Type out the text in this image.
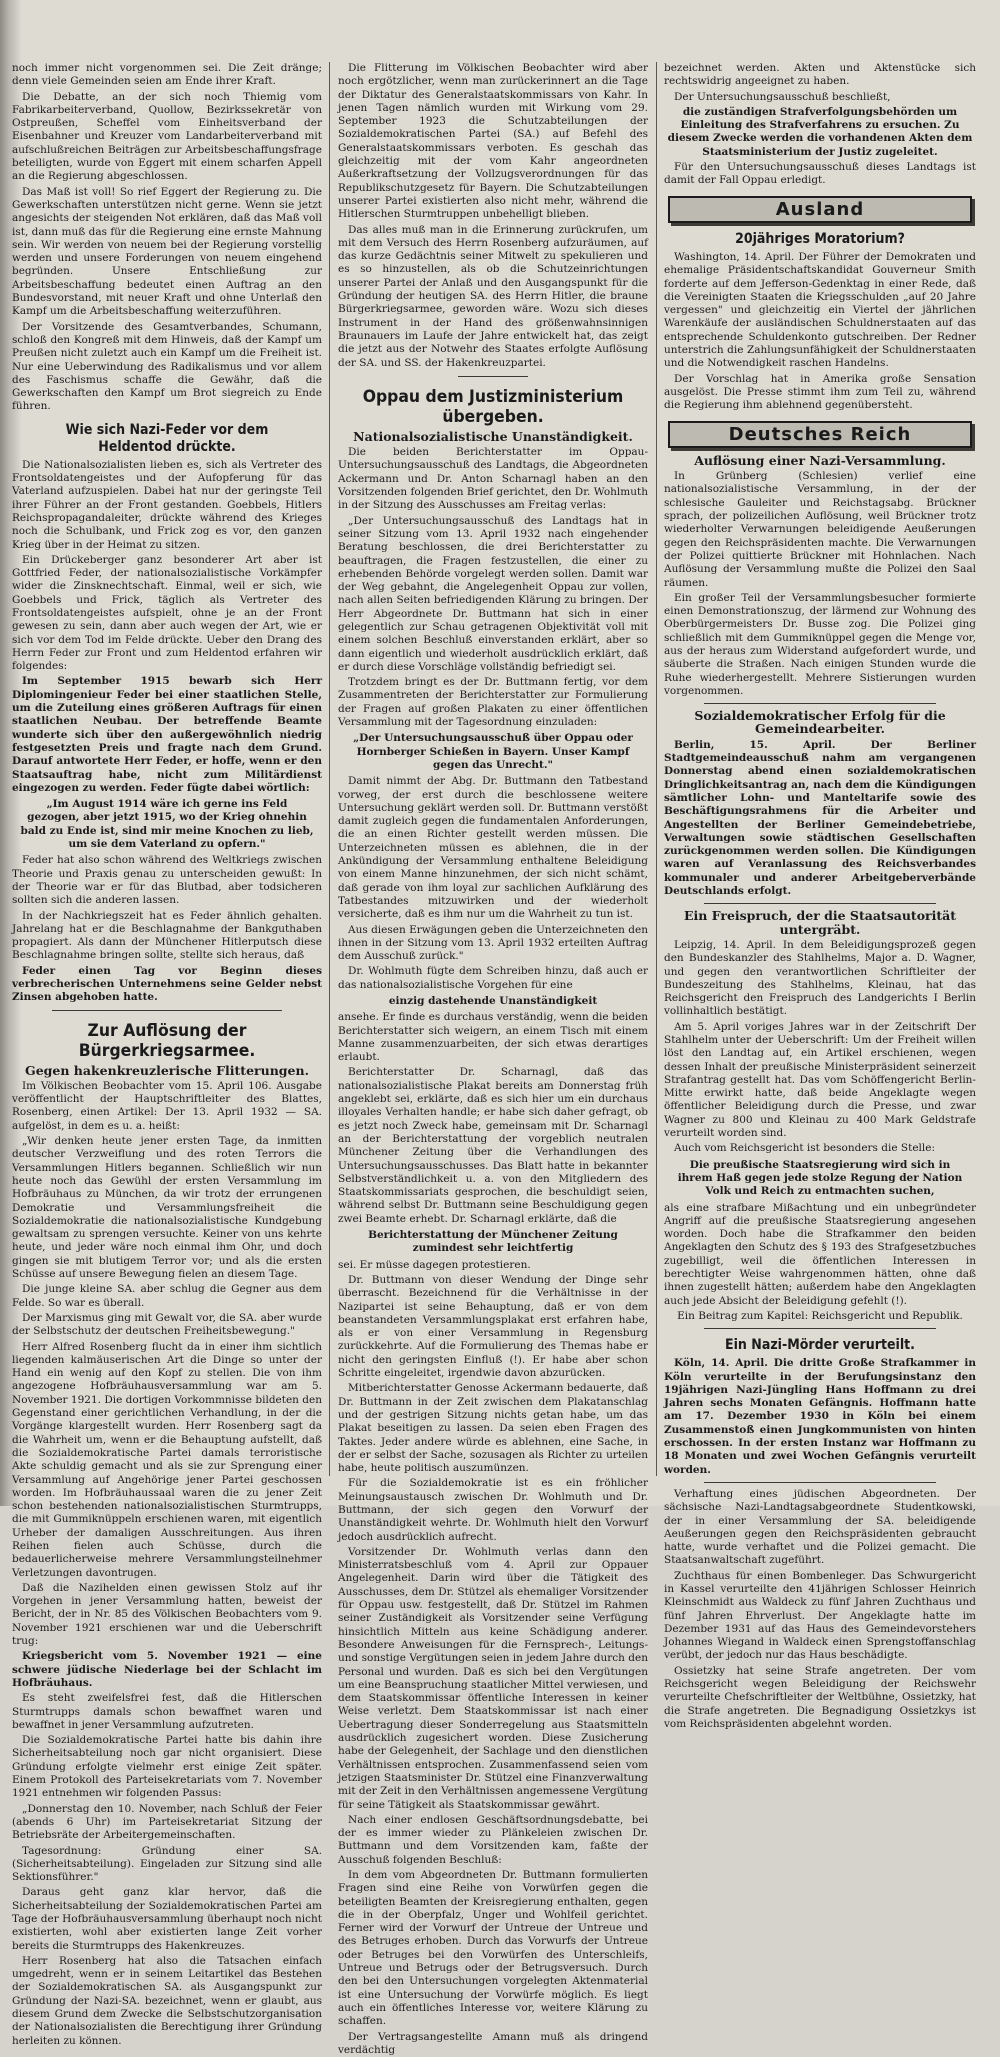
noch immer nicht vorgenommen sei. Die Zeit dränge; denn viele Gemeinden seien am Ende ihrer Kraft.

Die Debatte, an der sich noch Thiemig vom Fabrikarbeiterverband, Quollow, Bezirkssekretär von Ostpreußen, Scheffel vom Einheitsverband der Eisenbahner und Kreuzer vom Landarbeiterverband mit aufschlußreichen Beiträgen zur Arbeitsbeschaffungsfrage beteiligten, wurde von Eggert mit einem scharfen Appell an die Regierung abgeschlossen.

Das Maß ist voll! So rief Eggert der Regierung zu. Die Gewerkschaften unterstützen nicht gerne. Wenn sie jetzt angesichts der steigenden Not erklären, daß das Maß voll ist, dann muß das für die Regierung eine ernste Mahnung sein. Wir werden von neuem bei der Regierung vorstellig werden und unsere Forderungen von neuem eingehend begründen. Unsere Entschließung zur Arbeitsbeschaffung bedeutet einen Auftrag an den Bundesvorstand, mit neuer Kraft und ohne Unterlaß den Kampf um die Arbeitsbeschaffung weiterzuführen.

Der Vorsitzende des Gesamtverbandes, Schumann, schloß den Kongreß mit dem Hinweis, daß der Kampf um Preußen nicht zuletzt auch ein Kampf um die Freiheit ist. Nur eine Ueberwindung des Radikalismus und vor allem des Faschismus schaffe die Gewähr, daß die Gewerkschaften den Kampf um Brot siegreich zu Ende führen.

Wie sich Nazi-Feder vor dem Heldentod drückte.

Die Nationalsozialisten lieben es, sich als Vertreter des Frontsoldatengeistes und der Aufopferung für das Vaterland aufzuspielen. Dabei hat nur der geringste Teil ihrer Führer an der Front gestanden. Goebbels, Hitlers Reichspropagandaleiter, drückte während des Krieges noch die Schulbank, und Frick zog es vor, den ganzen Krieg über in der Heimat zu sitzen.

Ein Drückeberger ganz besonderer Art aber ist Gottfried Feder, der nationalsozialistische Vorkämpfer wider die Zinsknechtschaft. Einmal, weil er sich, wie Goebbels und Frick, täglich als Vertreter des Frontsoldatengeistes aufspielt, ohne je an der Front gewesen zu sein, dann aber auch wegen der Art, wie er sich vor dem Tod im Felde drückte. Ueber den Drang des Herrn Feder zur Front und zum Heldentod erfahren wir folgendes:

Im September 1915 bewarb sich Herr Diplomingenieur Feder bei einer staatlichen Stelle, um die Zuteilung eines größeren Auftrags für einen staatlichen Neubau. Der betreffende Beamte wunderte sich über den außergewöhnlich niedrig festgesetzten Preis und fragte nach dem Grund. Darauf antwortete Herr Feder, er hoffe, wenn er den Staatsauftrag habe, nicht zum Militärdienst eingezogen zu werden. Feder fügte dabei wörtlich:

„Im August 1914 wäre ich gerne ins Feld gezogen, aber jetzt 1915, wo der Krieg ohnehin bald zu Ende ist, sind mir meine Knochen zu lieb, um sie dem Vaterland zu opfern."

Feder hat also schon während des Weltkriegs zwischen Theorie und Praxis genau zu unterscheiden gewußt: In der Theorie war er für das Blutbad, aber todsicheren sollten sich die anderen lassen.

In der Nachkriegszeit hat es Feder ähnlich gehalten. Jahrelang hat er die Beschlagnahme der Bankguthaben propagiert. Als dann der Münchener Hitlerputsch diese Beschlagnahme bringen sollte, stellte sich heraus, daß

Feder einen Tag vor Beginn dieses verbrecherischen Unternehmens seine Gelder nebst Zinsen abgehoben hatte.

Zur Auflösung der Bürgerkriegsarmee.
Gegen hakenkreuzlerische Flitterungen.

Im Völkischen Beobachter vom 15. April 106. Ausgabe veröffentlicht der Hauptschriftleiter des Blattes, Rosenberg, einen Artikel: Der 13. April 1932 — SA. aufgelöst, in dem es u. a. heißt:

„Wir denken heute jener ersten Tage, da inmitten deutscher Verzweiflung und des roten Terrors die Versammlungen Hitlers begannen. Schließlich wir nun heute noch das Gewühl der ersten Versammlung im Hofbräuhaus zu München, da wir trotz der errungenen Demokratie und Versammlungsfreiheit die Sozialdemokratie die nationalsozialistische Kundgebung gewaltsam zu sprengen versuchte. Keiner von uns kehrte heute, und jeder wäre noch einmal ihm Ohr, und doch gingen sie mit blutigem Terror vor; und als die ersten Schüsse auf unsere Bewegung fielen an diesem Tage.

Die junge kleine SA. aber schlug die Gegner aus dem Felde. So war es überall.

Der Marxismus ging mit Gewalt vor, die SA. aber wurde der Selbstschutz der deutschen Freiheitsbewegung."

Herr Alfred Rosenberg flucht da in einer ihm sichtlich liegenden kalmäuserischen Art die Dinge so unter der Hand ein wenig auf den Kopf zu stellen. Die von ihm angezogene Hofbräuhausversammlung war am 5. November 1921. Die dortigen Vorkommnisse bildeten den Gegenstand einer gerichtlichen Verhandlung, in der die Vorgänge klargestellt wurden. Herr Rosenberg sagt da die Wahrheit um, wenn er die Behauptung aufstellt, daß die Sozialdemokratische Partei damals terroristische Akte schuldig gemacht und als sie zur Sprengung einer Versammlung auf Angehörige jener Partei geschossen worden. Im Hofbräuhaussaal waren die zu jener Zeit schon bestehenden nationalsozialistischen Sturmtrupps, die mit Gummiknüppeln erschienen waren, mit eigentlich Urheber der damaligen Ausschreitungen. Aus ihren Reihen fielen auch Schüsse, durch die bedauerlicherweise mehrere Versammlungsteilnehmer Verletzungen davontrugen.

Daß die Nazihelden einen gewissen Stolz auf ihr Vorgehen in jener Versammlung hatten, beweist der Bericht, der in Nr. 85 des Völkischen Beobachters vom 9. November 1921 erschienen war und die Ueberschrift trug:

Kriegsbericht vom 5. November 1921 — eine schwere jüdische Niederlage bei der Schlacht im Hofbräuhaus.

Es steht zweifelsfrei fest, daß die Hitlerschen Sturmtrupps damals schon bewaffnet waren und bewaffnet in jener Versammlung aufzutreten.

Die Sozialdemokratische Partei hatte bis dahin ihre Sicherheitsabteilung noch gar nicht organisiert. Diese Gründung erfolgte vielmehr erst einige Zeit später. Einem Protokoll des Parteisekretariats vom 7. November 1921 entnehmen wir folgenden Passus:

„Donnerstag den 10. November, nach Schluß der Feier (abends 6 Uhr) im Parteisekretariat Sitzung der Betriebsräte der Arbeitergemeinschaften.

Tagesordnung: Gründung einer SA. (Sicherheitsabteilung). Eingeladen zur Sitzung sind alle Sektionsführer."

Daraus geht ganz klar hervor, daß die Sicherheitsabteilung der Sozialdemokratischen Partei am Tage der Hofbräuhausversammlung überhaupt noch nicht existierten, wohl aber existierten lange Zeit vorher bereits die Sturmtrupps des Hakenkreuzes.

Herr Rosenberg hat also die Tatsachen einfach umgedreht, wenn er in seinem Leitartikel das Bestehen der Sozialdemokratischen SA. als Ausgangspunkt zur Gründung der Nazi-SA. bezeichnet, wenn er glaubt, aus diesem Grund dem Zwecke die Selbstschutzorganisation der Nationalsozialisten die Berechtigung ihrer Gründung herleiten zu können.

Die Flitterung im Völkischen Beobachter wird aber noch ergötzlicher, wenn man zurückerinnert an die Tage der Diktatur des Generalstaatskommissars von Kahr. In jenen Tagen nämlich wurden mit Wirkung vom 29. September 1923 die Schutzabteilungen der Sozialdemokratischen Partei (SA.) auf Befehl des Generalstaatskommissars verboten. Es geschah das gleichzeitig mit der vom Kahr angeordneten Außerkraftsetzung der Vollzugsverordnungen für das Republikschutzgesetz für Bayern. Die Schutzabteilungen unserer Partei existierten also nicht mehr, während die Hitlerschen Sturmtruppen unbehelligt blieben.

Das alles muß man in die Erinnerung zurückrufen, um mit dem Versuch des Herrn Rosenberg aufzuräumen, auf das kurze Gedächtnis seiner Mitwelt zu spekulieren und es so hinzustellen, als ob die Schutzeinrichtungen unserer Partei der Anlaß und den Ausgangspunkt für die Gründung der heutigen SA. des Herrn Hitler, die braune Bürgerkriegsarmee, geworden wäre. Wozu sich dieses Instrument in der Hand des größenwahnsinnigen Braunauers im Laufe der Jahre entwickelt hat, das zeigt die jetzt aus der Notwehr des Staates erfolgte Auflösung der SA. und SS. der Hakenkreuzpartei.

Oppau dem Justizministerium übergeben.
Nationalsozialistische Unanständigkeit.

Die beiden Berichterstatter im Oppau-Untersuchungsausschuß des Landtags, die Abgeordneten Ackermann und Dr. Anton Scharnagl haben an den Vorsitzenden folgenden Brief gerichtet, den Dr. Wohlmuth in der Sitzung des Ausschusses am Freitag verlas:

„Der Untersuchungsausschuß des Landtags hat in seiner Sitzung vom 13. April 1932 nach eingehender Beratung beschlossen, die drei Berichterstatter zu beauftragen, die Fragen festzustellen, die einer zu erhebenden Behörde vorgelegt werden sollen. Damit war der Weg gebahnt, die Angelegenheit Oppau zur vollen, nach allen Seiten befriedigenden Klärung zu bringen. Der Herr Abgeordnete Dr. Buttmann hat sich in einer gelegentlich zur Schau getragenen Objektivität voll mit einem solchen Beschluß einverstanden erklärt, aber so dann eigentlich und wiederholt ausdrücklich erklärt, daß er durch diese Vorschläge vollständig befriedigt sei.

Trotzdem bringt es der Dr. Buttmann fertig, vor dem Zusammentreten der Berichterstatter zur Formulierung der Fragen auf großen Plakaten zu einer öffentlichen Versammlung mit der Tagesordnung einzuladen:

„Der Untersuchungsausschuß über Oppau oder Hornberger Schießen in Bayern. Unser Kampf gegen das Unrecht."

Damit nimmt der Abg. Dr. Buttmann den Tatbestand vorweg, der erst durch die beschlossene weitere Untersuchung geklärt werden soll. Dr. Buttmann verstößt damit zugleich gegen die fundamentalen Anforderungen, die an einen Richter gestellt werden müssen. Die Unterzeichneten müssen es ablehnen, die in der Ankündigung der Versammlung enthaltene Beleidigung von einem Manne hinzunehmen, der sich nicht schämt, daß gerade von ihm loyal zur sachlichen Aufklärung des Tatbestandes mitzuwirken und der wiederholt versicherte, daß es ihm nur um die Wahrheit zu tun ist.

Aus diesen Erwägungen geben die Unterzeichneten den ihnen in der Sitzung vom 13. April 1932 erteilten Auftrag dem Ausschuß zurück."

Dr. Wohlmuth fügte dem Schreiben hinzu, daß auch er das nationalsozialistische Vorgehen für eine

einzig dastehende Unanständigkeit

ansehe. Er finde es durchaus verständig, wenn die beiden Berichterstatter sich weigern, an einem Tisch mit einem Manne zusammenzuarbeiten, der sich etwas derartiges erlaubt.

Berichterstatter Dr. Scharnagl, daß das nationalsozialistische Plakat bereits am Donnerstag früh angeklebt sei, erklärte, daß es sich hier um ein durchaus illoyales Verhalten handle; er habe sich daher gefragt, ob es jetzt noch Zweck habe, gemeinsam mit Dr. Scharnagl an der Berichterstattung der vorgeblich neutralen Münchener Zeitung über die Verhandlungen des Untersuchungsausschusses. Das Blatt hatte in bekannter Selbstverständlichkeit u. a. von den Mitgliedern des Staatskommissariats gesprochen, die beschuldigt seien, während selbst Dr. Buttmann seine Beschuldigung gegen zwei Beamte erhebt. Dr. Scharnagl erklärte, daß die

Berichterstattung der Münchener Zeitung zumindest sehr leichtfertig

sei. Er müsse dagegen protestieren.

Dr. Buttmann von dieser Wendung der Dinge sehr überrascht. Bezeichnend für die Verhältnisse in der Nazipartei ist seine Behauptung, daß er von dem beanstandeten Versammlungsplakat erst erfahren habe, als er von einer Versammlung in Regensburg zurückkehrte. Auf die Formulierung des Themas habe er nicht den geringsten Einfluß (!). Er habe aber schon Schritte eingeleitet, irgendwie davon abzurücken.

Mitberichterstatter Genosse Ackermann bedauerte, daß Dr. Buttmann in der Zeit zwischen dem Plakatanschlag und der gestrigen Sitzung nichts getan habe, um das Plakat beseitigen zu lassen. Da seien eben Fragen des Taktes. Jeder andere würde es ablehnen, eine Sache, in der er selbst der Sache, sozusagen als Richter zu urteilen habe, heute politisch auszumünzen.

Für die Sozialdemokratie ist es ein fröhlicher Meinungsaustausch zwischen Dr. Wohlmuth und Dr. Buttmann, der sich gegen den Vorwurf der Unanständigkeit wehrte. Dr. Wohlmuth hielt den Vorwurf jedoch ausdrücklich aufrecht.

Vorsitzender Dr. Wohlmuth verlas dann den Ministerratsbeschluß vom 4. April zur Oppauer Angelegenheit. Darin wird über die Tätigkeit des Ausschusses, dem Dr. Stützel als ehemaliger Vorsitzender für Oppau usw. festgestellt, daß Dr. Stützel im Rahmen seiner Zuständigkeit als Vorsitzender seine Verfügung hinsichtlich Mitteln aus keine Schädigung anderer. Besondere Anweisungen für die Fernsprech-, Leitungs- und sonstige Vergütungen seien in jedem Jahre durch den Personal und wurden. Daß es sich bei den Vergütungen um eine Beanspruchung staatlicher Mittel verwiesen, und dem Staatskommissar öffentliche Interessen in keiner Weise verletzt. Dem Staatskommissar ist nach einer Uebertragung dieser Sonderregelung aus Staatsmitteln ausdrücklich zugesichert worden. Diese Zusicherung habe der Gelegenheit, der Sachlage und den dienstlichen Verhältnissen entsprochen. Zusammenfassend seien vom jetzigen Staatsminister Dr. Stützel eine Finanzverwaltung mit der Zeit in den Verhältnissen angemessene Vergütung für seine Tätigkeit als Staatskommissar gewährt.

Nach einer endlosen Geschäftsordnungsdebatte, bei der es immer wieder zu Plänkeleien zwischen Dr. Buttmann und dem Vorsitzenden kam, faßte der Ausschuß folgenden Beschluß:

In dem vom Abgeordneten Dr. Buttmann formulierten Fragen sind eine Reihe von Vorwürfen gegen die beteiligten Beamten der Kreisregierung enthalten, gegen die in der Oberpfalz, Unger und Wohlfeil gerichtet. Ferner wird der Vorwurf der Untreue der Untreue und des Betruges erhoben. Durch das Vorwurfs der Untreue oder Betruges bei den Vorwürfen des Unterschleifs, Untreue und Betrugs oder der Betrugsversuch. Durch den bei den Untersuchungen vorgelegten Aktenmaterial ist eine Untersuchung der Vorwürfe möglich. Es liegt auch ein öffentliches Interesse vor, weitere Klärung zu schaffen.

Der Vertragsangestellte Amann muß als dringend verdächtig

bezeichnet werden. Akten und Aktenstücke sich rechtswidrig angeeignet zu haben.

Der Untersuchungsausschuß beschließt,

die zuständigen Strafverfolgungsbehörden um Einleitung des Strafverfahrens zu ersuchen. Zu diesem Zwecke werden die vorhandenen Akten dem Staatsministerium der Justiz zugeleitet.

Für den Untersuchungsausschuß dieses Landtags ist damit der Fall Oppau erledigt.

Ausland
20jähriges Moratorium?

Washington, 14. April. Der Führer der Demokraten und ehemalige Präsidentschaftskandidat Gouverneur Smith forderte auf dem Jefferson-Gedenktag in einer Rede, daß die Vereinigten Staaten die Kriegsschulden „auf 20 Jahre vergessen" und gleichzeitig ein Viertel der jährlichen Warenkäufe der ausländischen Schuldnerstaaten auf das entsprechende Schuldenkonto gutschreiben. Der Redner unterstrich die Zahlungsunfähigkeit der Schuldnerstaaten und die Notwendigkeit raschen Handelns.

Der Vorschlag hat in Amerika große Sensation ausgelöst. Die Presse stimmt ihm zum Teil zu, während die Regierung ihm ablehnend gegenübersteht.

Deutsches Reich
Auflösung einer Nazi-Versammlung.

In Grünberg (Schlesien) verlief eine nationalsozialistische Versammlung, in der der schlesische Gauleiter und Reichstagsabg. Brückner sprach, der polizeilichen Auflösung, weil Brückner trotz wiederholter Verwarnungen beleidigende Aeußerungen gegen den Reichspräsidenten machte. Die Verwarnungen der Polizei quittierte Brückner mit Hohnlachen. Nach Auflösung der Versammlung mußte die Polizei den Saal räumen.

Ein großer Teil der Versammlungsbesucher formierte einen Demonstrationszug, der lärmend zur Wohnung des Oberbürgermeisters Dr. Busse zog. Die Polizei ging schließlich mit dem Gummiknüppel gegen die Menge vor, aus der heraus zum Widerstand aufgefordert wurde, und säuberte die Straßen. Nach einigen Stunden wurde die Ruhe wiederhergestellt. Mehrere Sistierungen wurden vorgenommen.

Sozialdemokratischer Erfolg für die Gemeindearbeiter.

Berlin, 15. April. Der Berliner Stadtgemeindeausschuß nahm am vergangenen Donnerstag abend einen sozialdemokratischen Dringlichkeitsantrag an, nach dem die Kündigungen sämtlicher Lohn- und Manteltarife sowie des Beschäftigungsrahmens für die Arbeiter und Angestellten der Berliner Gemeindebetriebe, Verwaltungen sowie städtischen Gesellschaften zurückgenommen werden sollen. Die Kündigungen waren auf Veranlassung des Reichsverbandes kommunaler und anderer Arbeitgeberverbände Deutschlands erfolgt.

Ein Freispruch, der die Staatsautorität untergräbt.

Leipzig, 14. April. In dem Beleidigungsprozeß gegen den Bundeskanzler des Stahlhelms, Major a. D. Wagner, und gegen den verantwortlichen Schriftleiter der Bundeszeitung des Stahlhelms, Kleinau, hat das Reichsgericht den Freispruch des Landgerichts I Berlin vollinhaltlich bestätigt.

Am 5. April voriges Jahres war in der Zeitschrift Der Stahlhelm unter der Ueberschrift: Um der Freiheit willen löst den Landtag auf, ein Artikel erschienen, wegen dessen Inhalt der preußische Ministerpräsident seinerzeit Strafantrag gestellt hat. Das vom Schöffengericht Berlin-Mitte erwirkt hatte, daß beide Angeklagte wegen öffentlicher Beleidigung durch die Presse, und zwar Wagner zu 800 und Kleinau zu 400 Mark Geldstrafe verurteilt worden sind.

Auch vom Reichsgericht ist besonders die Stelle:

Die preußische Staatsregierung wird sich in ihrem Haß gegen jede stolze Regung der Nation Volk und Reich zu entmachten suchen,

als eine strafbare Mißachtung und ein unbegründeter Angriff auf die preußische Staatsregierung angesehen worden. Doch habe die Strafkammer den beiden Angeklagten den Schutz des § 193 des Strafgesetzbuches zugebilligt, weil die öffentlichen Interessen in berechtigter Weise wahrgenommen hätten, ohne daß ihnen zugestellt hätten; außerdem habe den Angeklagten auch jede Absicht der Beleidigung gefehlt (!).

Ein Beitrag zum Kapitel: Reichsgericht und Republik.

Ein Nazi-Mörder verurteilt.

Köln, 14. April. Die dritte Große Strafkammer in Köln verurteilte in der Berufungsinstanz den 19jährigen Nazi-Jüngling Hans Hoffmann zu drei Jahren sechs Monaten Gefängnis. Hoffmann hatte am 17. Dezember 1930 in Köln bei einem Zusammenstoß einen Jungkommunisten von hinten erschossen. In der ersten Instanz war Hoffmann zu 18 Monaten und zwei Wochen Gefängnis verurteilt worden.

Verhaftung eines jüdischen Abgeordneten. Der sächsische Nazi-Landtagsabgeordnete Studentkowski, der in einer Versammlung der SA. beleidigende Aeußerungen gegen den Reichspräsidenten gebraucht hatte, wurde verhaftet und die Polizei gemacht. Die Staatsanwaltschaft zugeführt.

Zuchthaus für einen Bombenleger. Das Schwurgericht in Kassel verurteilte den 41jährigen Schlosser Heinrich Kleinschmidt aus Waldeck zu fünf Jahren Zuchthaus und fünf Jahren Ehrverlust. Der Angeklagte hatte im Dezember 1931 auf das Haus des Gemeindevorstehers Johannes Wiegand in Waldeck einen Sprengstoffanschlag verübt, der jedoch nur das Haus beschädigte.

Ossietzky hat seine Strafe angetreten. Der vom Reichsgericht wegen Beleidigung der Reichswehr verurteilte Chefschriftleiter der Weltbühne, Ossietzky, hat die Strafe angetreten. Die Begnadigung Ossietzkys ist vom Reichspräsidenten abgelehnt worden.
